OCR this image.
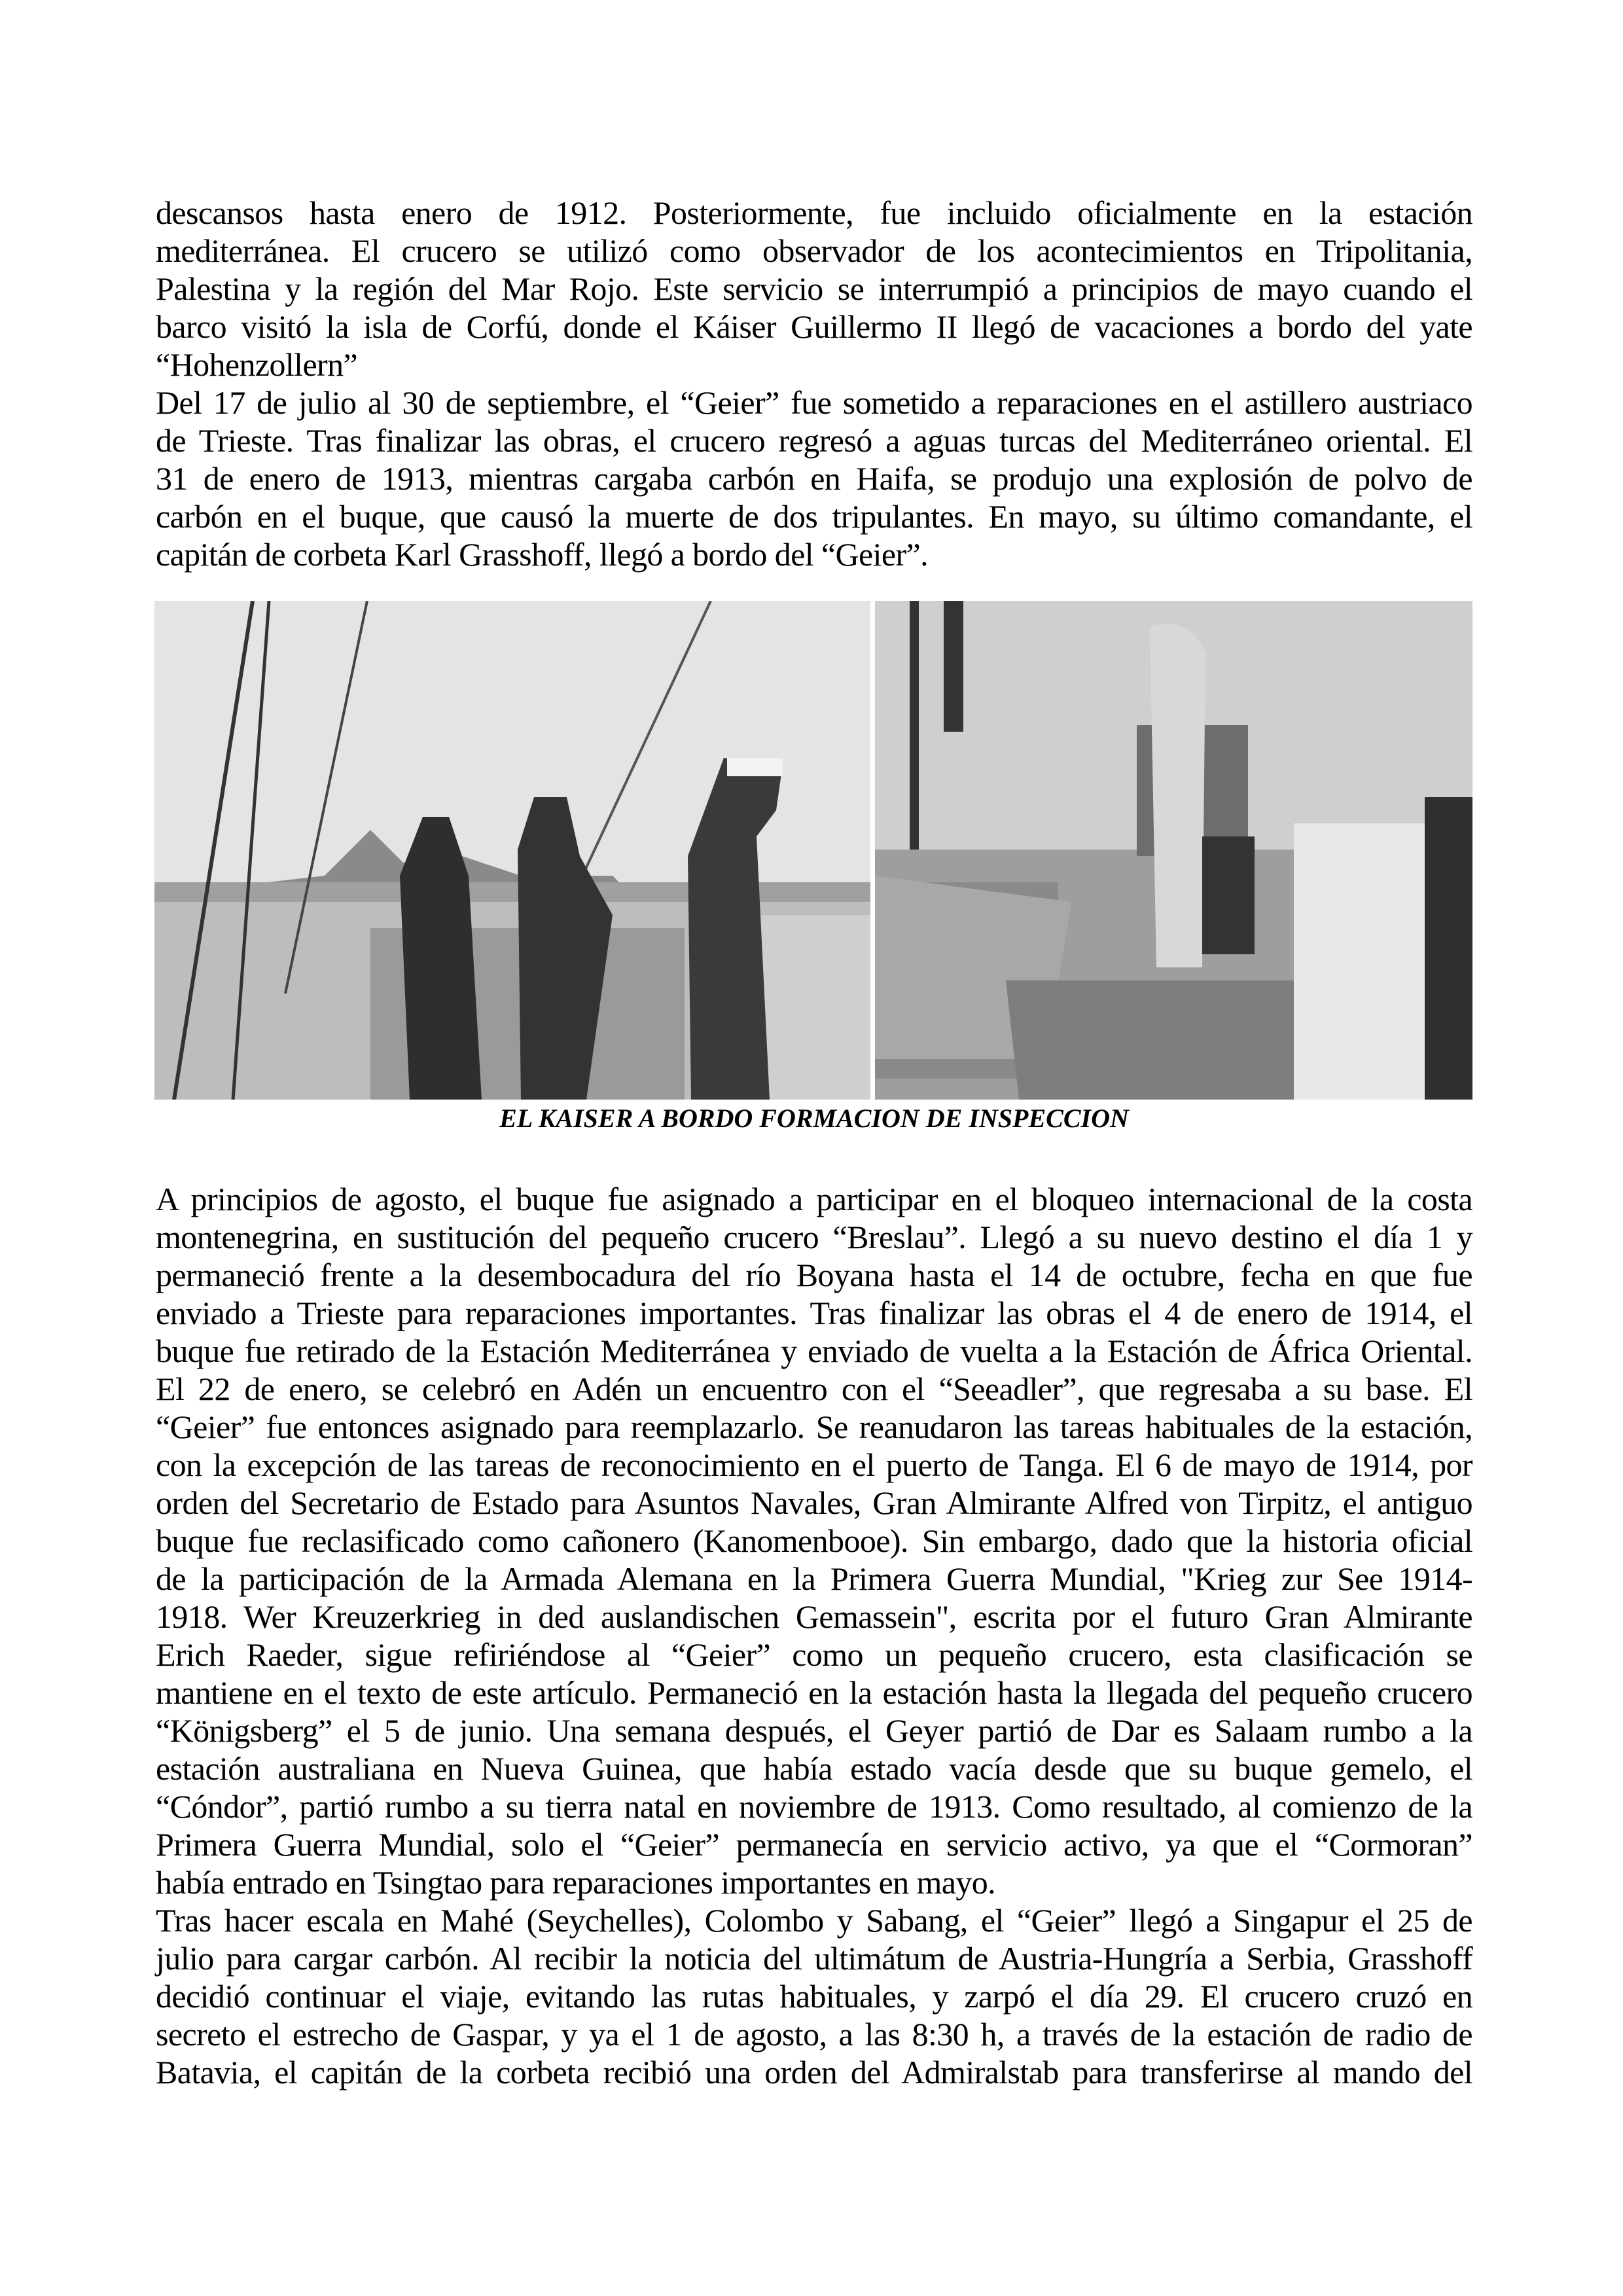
descansos hasta enero de 1912. Posteriormente, fue incluido oficialmente en la estación
mediterránea. El crucero se utilizó como observador de los acontecimientos en Tripolitania,
Palestina y la región del Mar Rojo. Este servicio se interrumpió a principios de mayo cuando el
barco visitó la isla de Corfú, donde el Káiser Guillermo II llegó de vacaciones a bordo del yate
“Hohenzollern”
Del 17 de julio al 30 de septiembre, el “Geier” fue sometido a reparaciones en el astillero austriaco
de Trieste. Tras finalizar las obras, el crucero regresó a aguas turcas del Mediterráneo oriental. El
31 de enero de 1913, mientras cargaba carbón en Haifa, se produjo una explosión de polvo de
carbón en el buque, que causó la muerte de dos tripulantes. En mayo, su último comandante, el
capitán de corbeta Karl Grasshoff, llegó a bordo del “Geier”.
EL KAISER A BORDO FORMACION DE INSPECCION
A principios de agosto, el buque fue asignado a participar en el bloqueo internacional de la costa
montenegrina, en sustitución del pequeño crucero “Breslau”. Llegó a su nuevo destino el día 1 y
permaneció frente a la desembocadura del río Boyana hasta el 14 de octubre, fecha en que fue
enviado a Trieste para reparaciones importantes. Tras finalizar las obras el 4 de enero de 1914, el
buque fue retirado de la Estación Mediterránea y enviado de vuelta a la Estación de África Oriental.
El 22 de enero, se celebró en Adén un encuentro con el “Seeadler”, que regresaba a su base. El
“Geier” fue entonces asignado para reemplazarlo. Se reanudaron las tareas habituales de la estación,
con la excepción de las tareas de reconocimiento en el puerto de Tanga. El 6 de mayo de 1914, por
orden del Secretario de Estado para Asuntos Navales, Gran Almirante Alfred von Tirpitz, el antiguo
buque fue reclasificado como cañonero (Kanomenbooe). Sin embargo, dado que la historia oficial
de la participación de la Armada Alemana en la Primera Guerra Mundial, "Krieg zur See 1914-
1918. Wer Kreuzerkrieg in ded auslandischen Gemassein", escrita por el futuro Gran Almirante
Erich Raeder, sigue refiriéndose al “Geier” como un pequeño crucero, esta clasificación se
mantiene en el texto de este artículo. Permaneció en la estación hasta la llegada del pequeño crucero
“Königsberg” el 5 de junio. Una semana después, el Geyer partió de Dar es Salaam rumbo a la
estación australiana en Nueva Guinea, que había estado vacía desde que su buque gemelo, el
“Cóndor”, partió rumbo a su tierra natal en noviembre de 1913. Como resultado, al comienzo de la
Primera Guerra Mundial, solo el “Geier” permanecía en servicio activo, ya que el “Cormoran”
había entrado en Tsingtao para reparaciones importantes en mayo.
Tras hacer escala en Mahé (Seychelles), Colombo y Sabang, el “Geier” llegó a Singapur el 25 de
julio para cargar carbón. Al recibir la noticia del ultimátum de Austria-Hungría a Serbia, Grasshoff
decidió continuar el viaje, evitando las rutas habituales, y zarpó el día 29. El crucero cruzó en
secreto el estrecho de Gaspar, y ya el 1 de agosto, a las 8:30 h, a través de la estación de radio de
Batavia, el capitán de la corbeta recibió una orden del Admiralstab para transferirse al mando del
